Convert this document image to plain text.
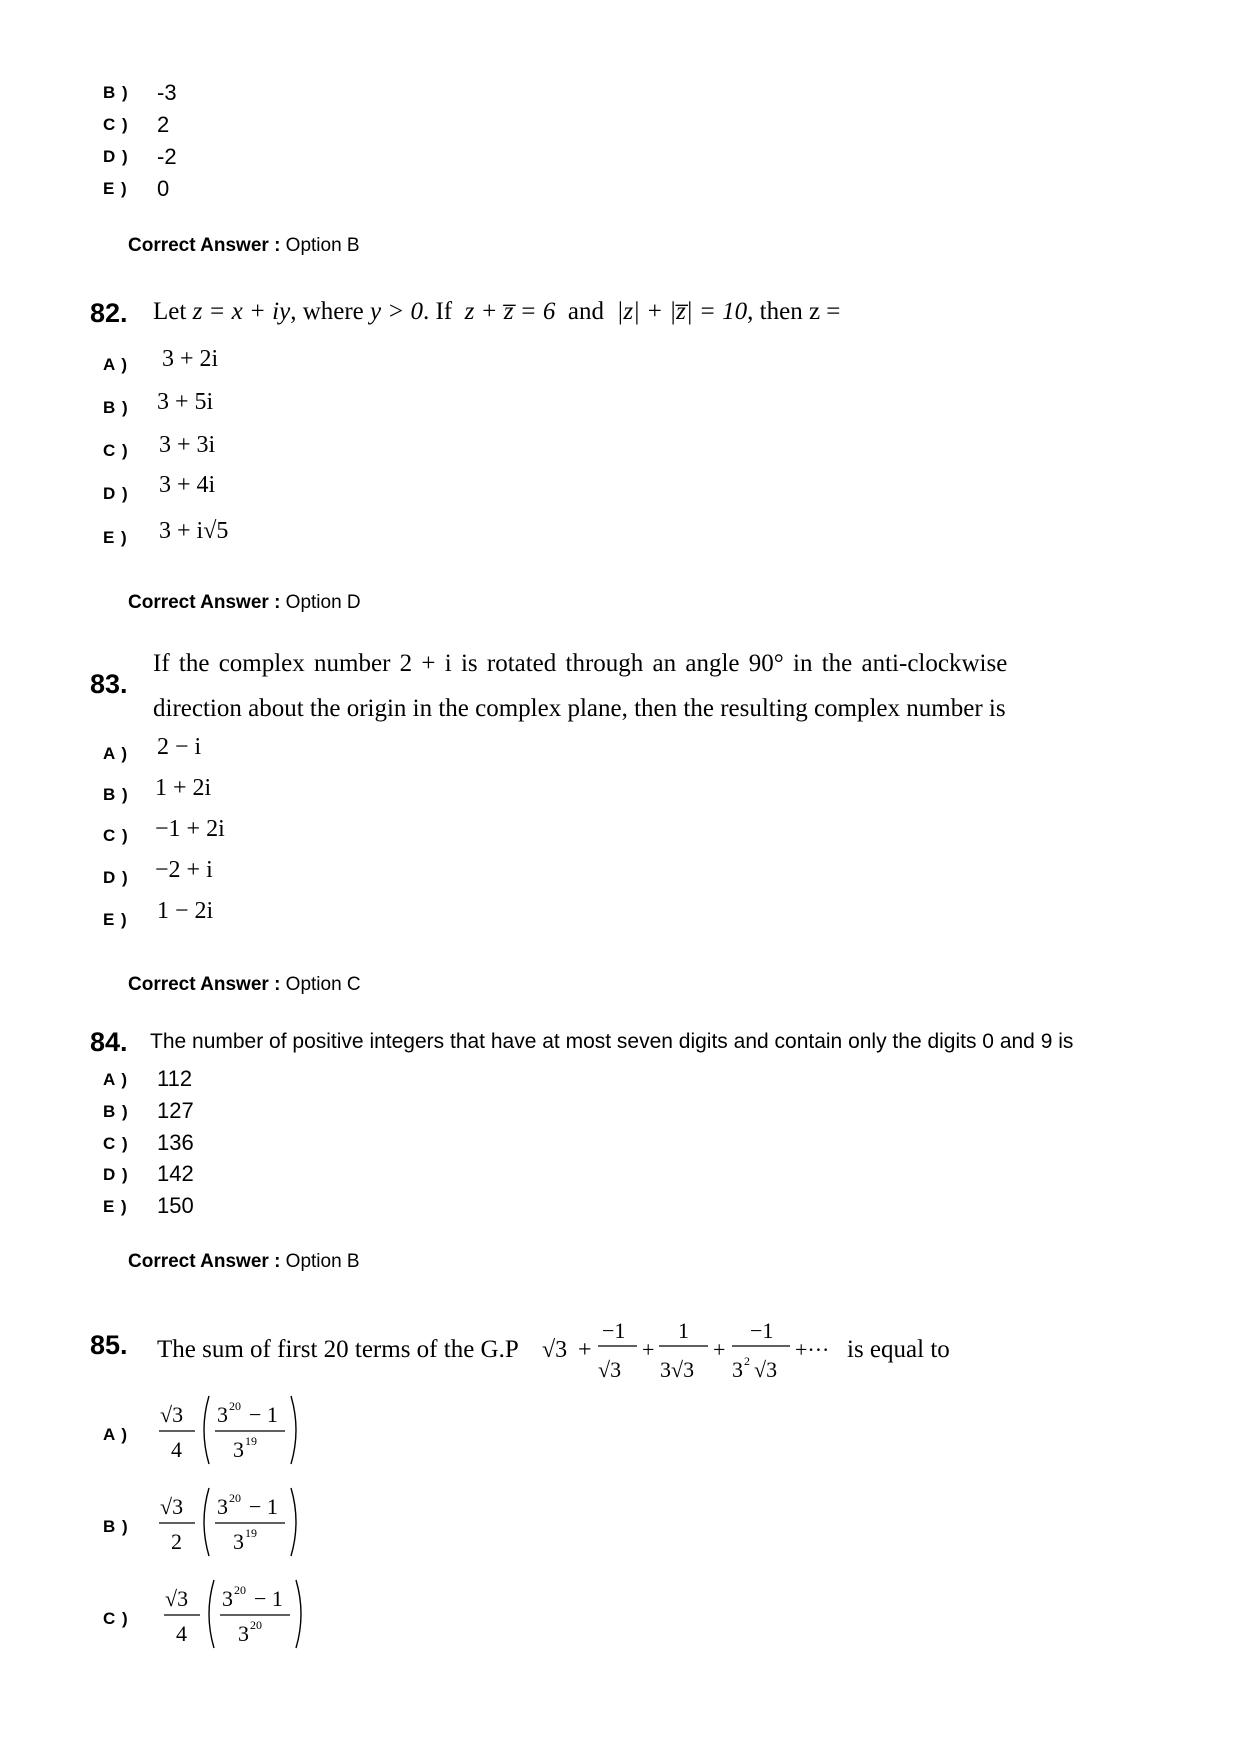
B ) -3
C ) 2
D ) -2
E ) 0
Correct Answer : Option B
82. Let z = x + iy, where y > 0. If z + z̅ = 6 and |z| + |z̅| = 10, then z =
A ) 3 + 2i
B ) 3 + 5i
C ) 3 + 3i
D ) 3 + 4i
E ) 3 + i√5
Correct Answer : Option D
83.
If the complex number 2 + i is rotated through an angle 90° in the anti-clockwise
direction about the origin in the complex plane, then the resulting complex number is
A ) 2 − i
B ) 1 + 2i
C ) −1 + 2i
D ) −2 + i
E ) 1 − 2i
Correct Answer : Option C
84. The number of positive integers that have at most seven digits and contain only the digits 0 and 9 is
A ) 112
B ) 127
C ) 136
D ) 142
E ) 150
Correct Answer : Option B
85. The sum of first 20 terms of the G.P √3 +
−1
√3
+
1
3√3
+
−1
3 2 √3
+··· is equal to
A )
√3
4
3 20 − 1
3 19
B )
√3
2
3 20 − 1
3 19
C )
√3
4
3 20 − 1
3 20
